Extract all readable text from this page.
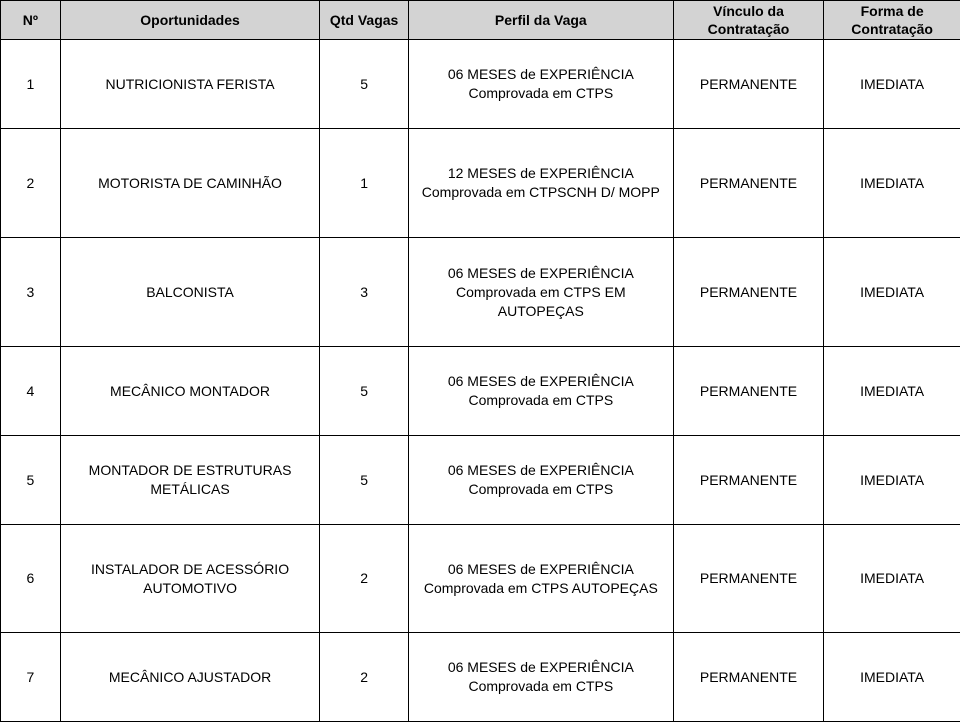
Nº	Oportunidades	Qtd Vagas	Perfil da Vaga	Vínculo da Contratação	Forma de Contratação
1	NUTRICIONISTA FERISTA	5	06 MESES de EXPERIÊNCIA Comprovada em CTPS	PERMANENTE	IMEDIATA
2	MOTORISTA DE CAMINHÃO	1	12 MESES de EXPERIÊNCIA Comprovada em CTPSCNH D/ MOPP	PERMANENTE	IMEDIATA
3	BALCONISTA	3	06 MESES de EXPERIÊNCIA Comprovada em CTPS EM AUTOPEÇAS	PERMANENTE	IMEDIATA
4	MECÂNICO MONTADOR	5	06 MESES de EXPERIÊNCIA Comprovada em CTPS	PERMANENTE	IMEDIATA
5	MONTADOR DE ESTRUTURAS METÁLICAS	5	06 MESES de EXPERIÊNCIA Comprovada em CTPS	PERMANENTE	IMEDIATA
6	INSTALADOR DE ACESSÓRIO AUTOMOTIVO	2	06 MESES de EXPERIÊNCIA Comprovada em CTPS AUTOPEÇAS	PERMANENTE	IMEDIATA
7	MECÂNICO AJUSTADOR	2	06 MESES de EXPERIÊNCIA Comprovada em CTPS	PERMANENTE	IMEDIATA
